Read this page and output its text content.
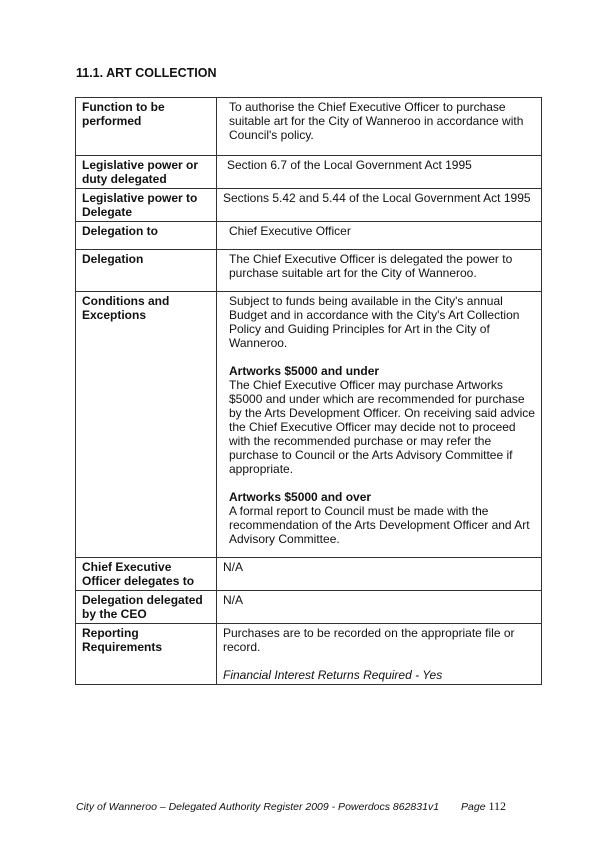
11.1. ART COLLECTION
Function to be performed	To authorise the Chief Executive Officer to purchase suitable art for the City of Wanneroo in accordance with Council's policy.

Legislative power or duty delegated	Section 6.7 of the Local Government Act 1995

Legislative power to Delegate	Sections 5.42 and 5.44 of the Local Government Act 1995

Delegation to	Chief Executive Officer

Delegation	The Chief Executive Officer is delegated the power to purchase suitable art for the City of Wanneroo.

Conditions and Exceptions	Subject to funds being available in the City's annual Budget and in accordance with the City's Art Collection Policy and Guiding Principles for Art in the City of Wanneroo.

Artworks $5000 and under

The Chief Executive Officer may purchase Artworks $5000 and under which are recommended for purchase by the Arts Development Officer. On receiving said advice the Chief Executive Officer may decide not to proceed with the recommended purchase or may refer the purchase to Council or the Arts Advisory Committee if appropriate.

Artworks $5000 and over

A formal report to Council must be made with the recommendation of the Arts Development Officer and Art Advisory Committee.

Chief Executive Officer delegates to	N/A

Delegation delegated by the CEO	N/A

Reporting Requirements	Purchases are to be recorded on the appropriate file or record.

Financial Interest Returns Required - Yes

City of Wanneroo – Delegated Authority Register 2009 - Powerdocs 862831v1 Page 112
